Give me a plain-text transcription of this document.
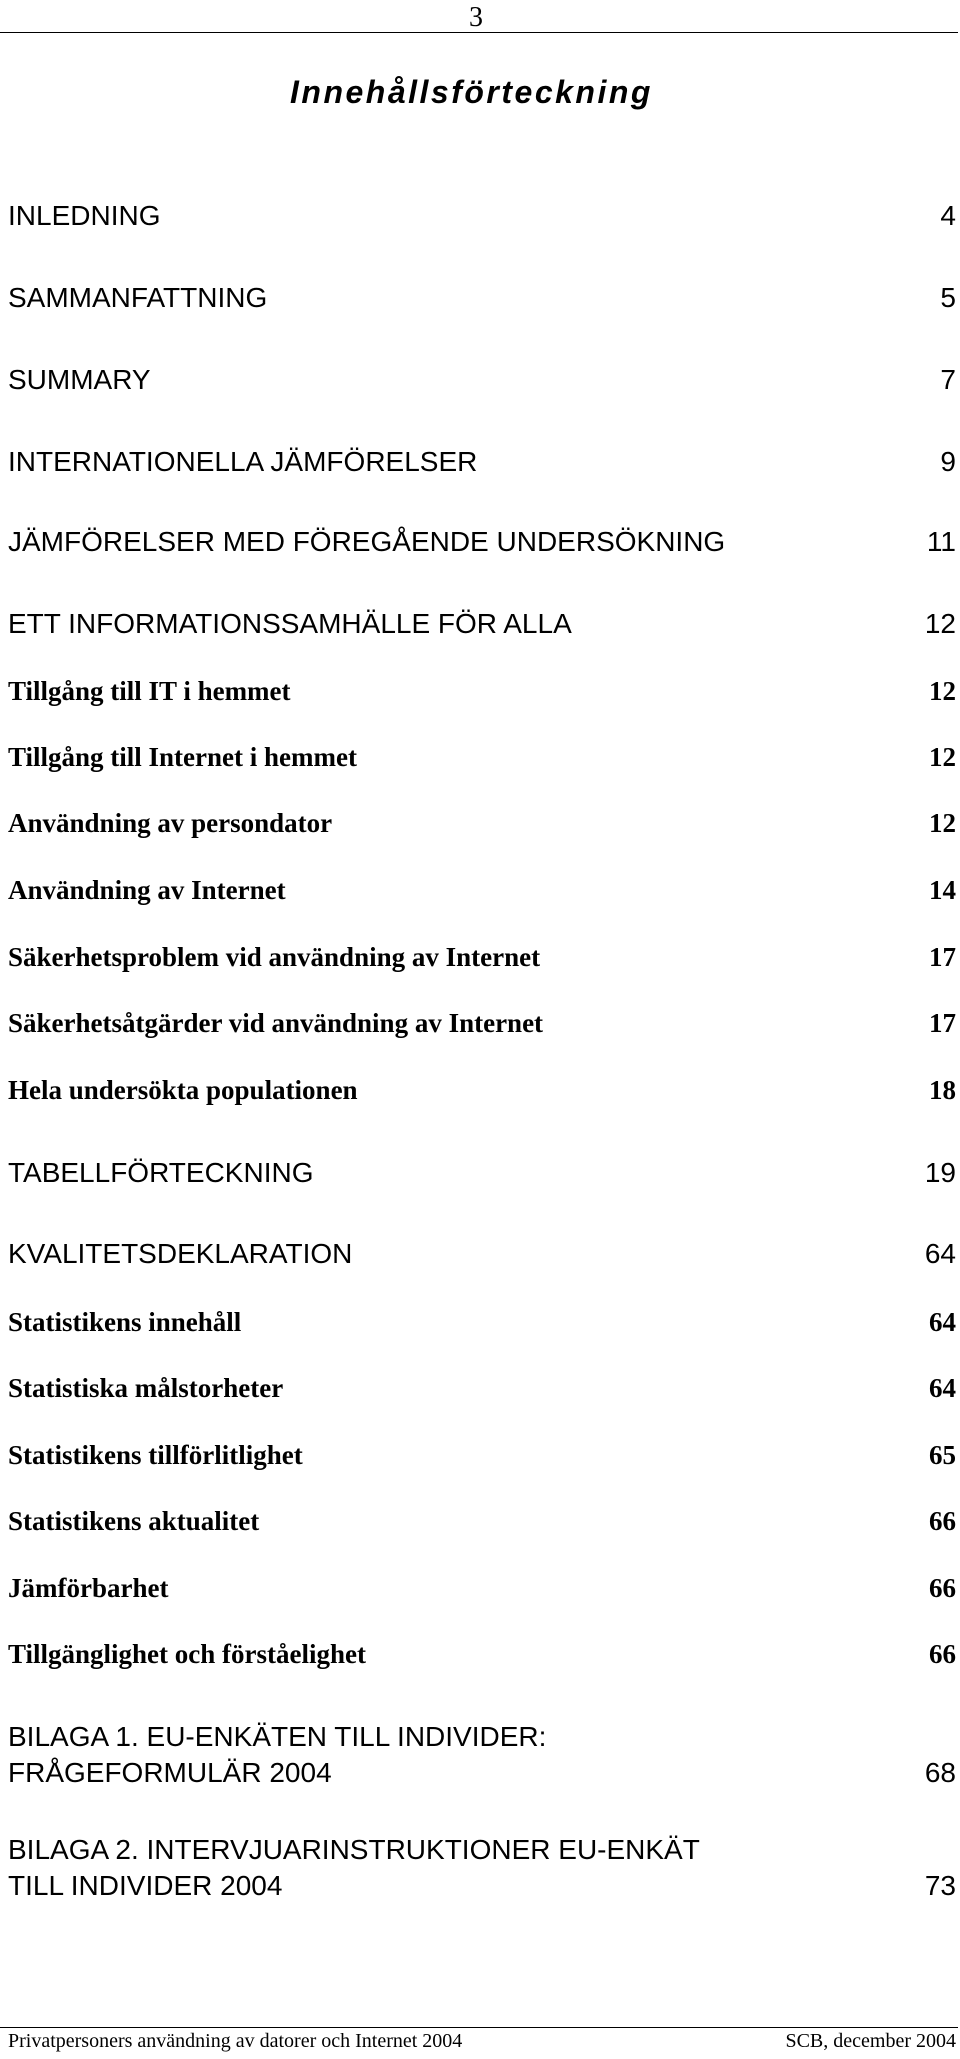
3
Innehållsförteckning
INLEDNING	4
SAMMANFATTNING	5
SUMMARY	7
INTERNATIONELLA JÄMFÖRELSER	9
JÄMFÖRELSER MED FÖREGÅENDE UNDERSÖKNING	11
ETT INFORMATIONSSAMHÄLLE FÖR ALLA	12
Tillgång till IT i hemmet	12
Tillgång till Internet i hemmet	12
Användning av persondator	12
Användning av Internet	14
Säkerhetsproblem vid användning av Internet	17
Säkerhetsåtgärder vid användning av Internet	17
Hela undersökta populationen	18
TABELLFÖRTECKNING	19
KVALITETSDEKLARATION	64
Statistikens innehåll	64
Statistiska målstorheter	64
Statistikens tillförlitlighet	65
Statistikens aktualitet	66
Jämförbarhet	66
Tillgänglighet och förståelighet	66
BILAGA 1. EU-ENKÄTEN TILL INDIVIDER:
FRÅGEFORMULÄR 2004	68
BILAGA 2. INTERVJUARINSTRUKTIONER EU-ENKÄT
TILL INDIVIDER 2004	73
Privatpersoners användning av datorer och Internet 2004	SCB, december 2004
